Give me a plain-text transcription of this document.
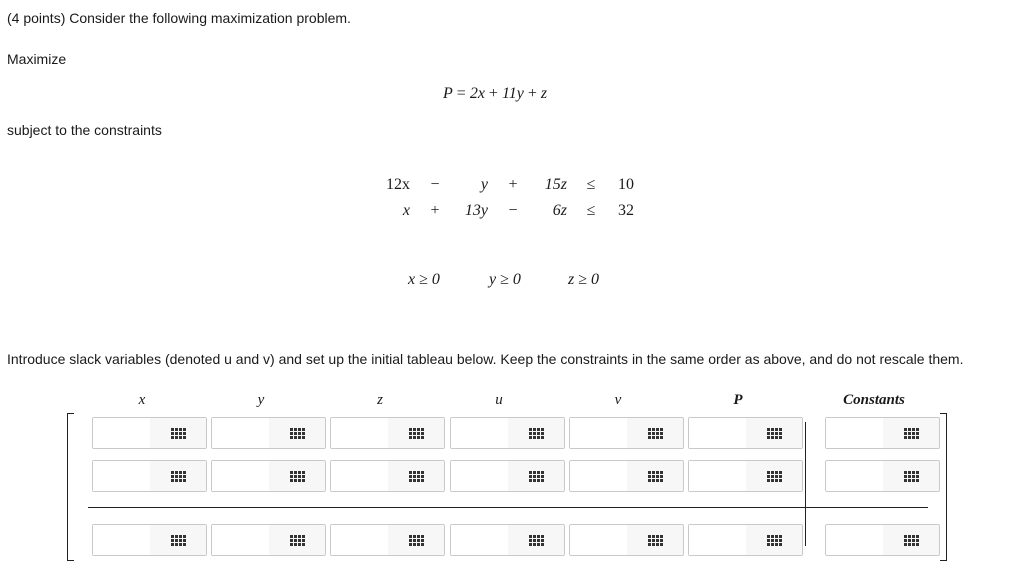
(4 points) Consider the following maximization problem.
Maximize
P = 2x + 11y + z
subject to the constraints
12x −	y +	15z ≤	10
x +	13y −	6z ≤	32
x ≥ 0	y ≥ 0	z ≥ 0
Introduce slack variables (denoted u and v) and set up the initial tableau below. Keep the constraints in the same order as above, and do not rescale them.
x	y	z	u	v	P	Constants
